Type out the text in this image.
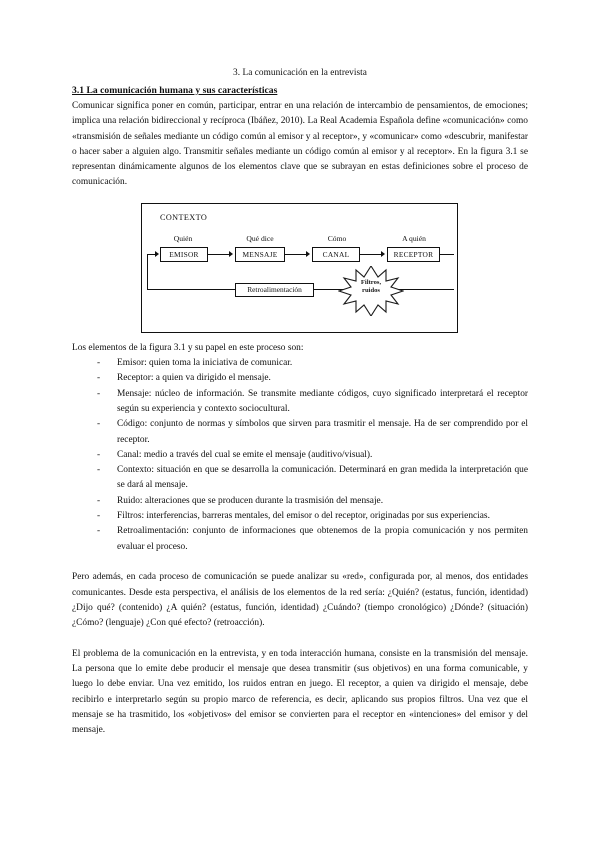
3. La comunicación en la entrevista
3.1 La comunicación humana y sus características

Comunicar significa poner en común, participar, entrar en una relación de intercambio de pensamientos, de emociones; implica una relación bidireccional y recíproca (Ibáñez, 2010). La Real Academia Española define «comunicación» como «transmisión de señales mediante un código común al emisor y al receptor», y «comunicar» como «descubrir, manifestar o hacer saber a alguien algo. Transmitir señales mediante un código común al emisor y al receptor». En la figura 3.1 se representan dinámicamente algunos de los elementos clave que se subrayan en estas definiciones sobre el proceso de comunicación.

CONTEXTO
Quién	Qué dice	Cómo	A quién
EMISOR	MENSAJE	CANAL	RECEPTOR
Retroalimentación
Filtros,
ruidos

Los elementos de la figura 3.1 y su papel en este proceso son:

- Emisor: quien toma la iniciativa de comunicar.
- Receptor: a quien va dirigido el mensaje.
- Mensaje: núcleo de información. Se transmite mediante códigos, cuyo significado interpretará el receptor según su experiencia y contexto sociocultural.
- Código: conjunto de normas y símbolos que sirven para trasmitir el mensaje. Ha de ser comprendido por el receptor.
- Canal: medio a través del cual se emite el mensaje (auditivo/visual).
- Contexto: situación en que se desarrolla la comunicación. Determinará en gran medida la interpretación que se dará al mensaje.
- Ruido: alteraciones que se producen durante la trasmisión del mensaje.
- Filtros: interferencias, barreras mentales, del emisor o del receptor, originadas por sus experiencias.
- Retroalimentación: conjunto de informaciones que obtenemos de la propia comunicación y nos permiten evaluar el proceso.

Pero además, en cada proceso de comunicación se puede analizar su «red», configurada por, al menos, dos entidades comunicantes. Desde esta perspectiva, el análisis de los elementos de la red sería: ¿Quién? (estatus, función, identidad) ¿Dijo qué? (contenido) ¿A quién? (estatus, función, identidad) ¿Cuándo? (tiempo cronológico) ¿Dónde? (situación) ¿Cómo? (lenguaje) ¿Con qué efecto? (retroacción).

El problema de la comunicación en la entrevista, y en toda interacción humana, consiste en la transmisión del mensaje. La persona que lo emite debe producir el mensaje que desea transmitir (sus objetivos) en una forma comunicable, y luego lo debe enviar. Una vez emitido, los ruidos entran en juego. El receptor, a quien va dirigido el mensaje, debe recibirlo e interpretarlo según su propio marco de referencia, es decir, aplicando sus propios filtros. Una vez que el mensaje se ha trasmitido, los «objetivos» del emisor se convierten para el receptor en «intenciones» del emisor y del mensaje.
